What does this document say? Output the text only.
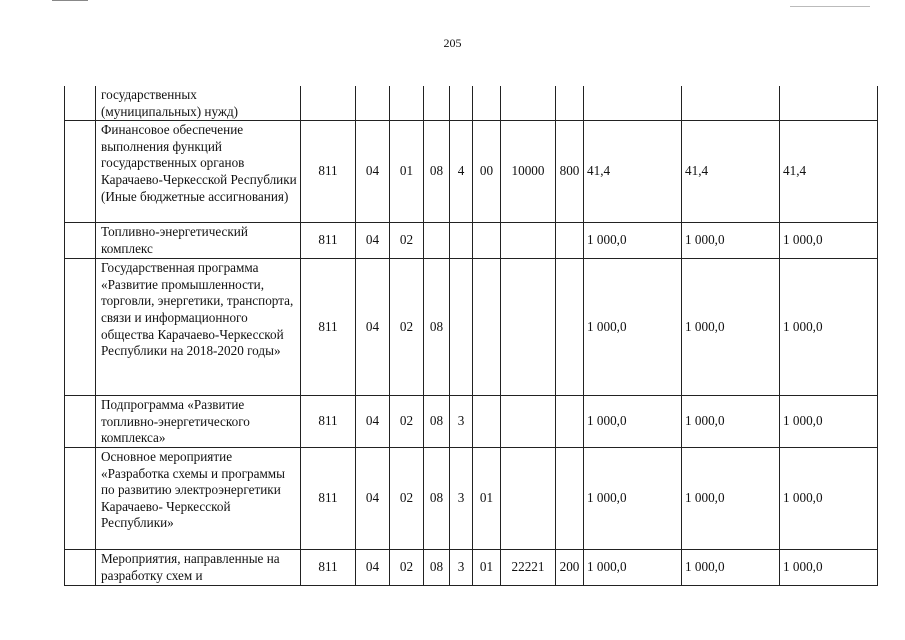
205
	государственных (муниципальных) нужд)											
	Финансовое обеспечение выполнения функций государственных органов Карачаево-Черкесской Республики (Иные бюджетные ассигнования)	811	04	01	08	4	00	10000	800	41,4	41,4	41,4
	Топливно-энергетический комплекс	811	04	02						1 000,0	1 000,0	1 000,0
	Государственная программа «Развитие промышленности, торговли, энергетики, транспорта, связи и информационного общества Карачаево-Черкесской Республики на 2018-2020 годы»	811	04	02	08					1 000,0	1 000,0	1 000,0
	Подпрограмма «Развитие топливно-энергетического комплекса»	811	04	02	08	3				1 000,0	1 000,0	1 000,0
	Основное мероприятие «Разработка схемы и программы по развитию электроэнергетики Карачаево- Черкесской Республики»	811	04	02	08	3	01			1 000,0	1 000,0	1 000,0
	Мероприятия, направленные на разработку схем и	811	04	02	08	3	01	22221	200	1 000,0	1 000,0	1 000,0
